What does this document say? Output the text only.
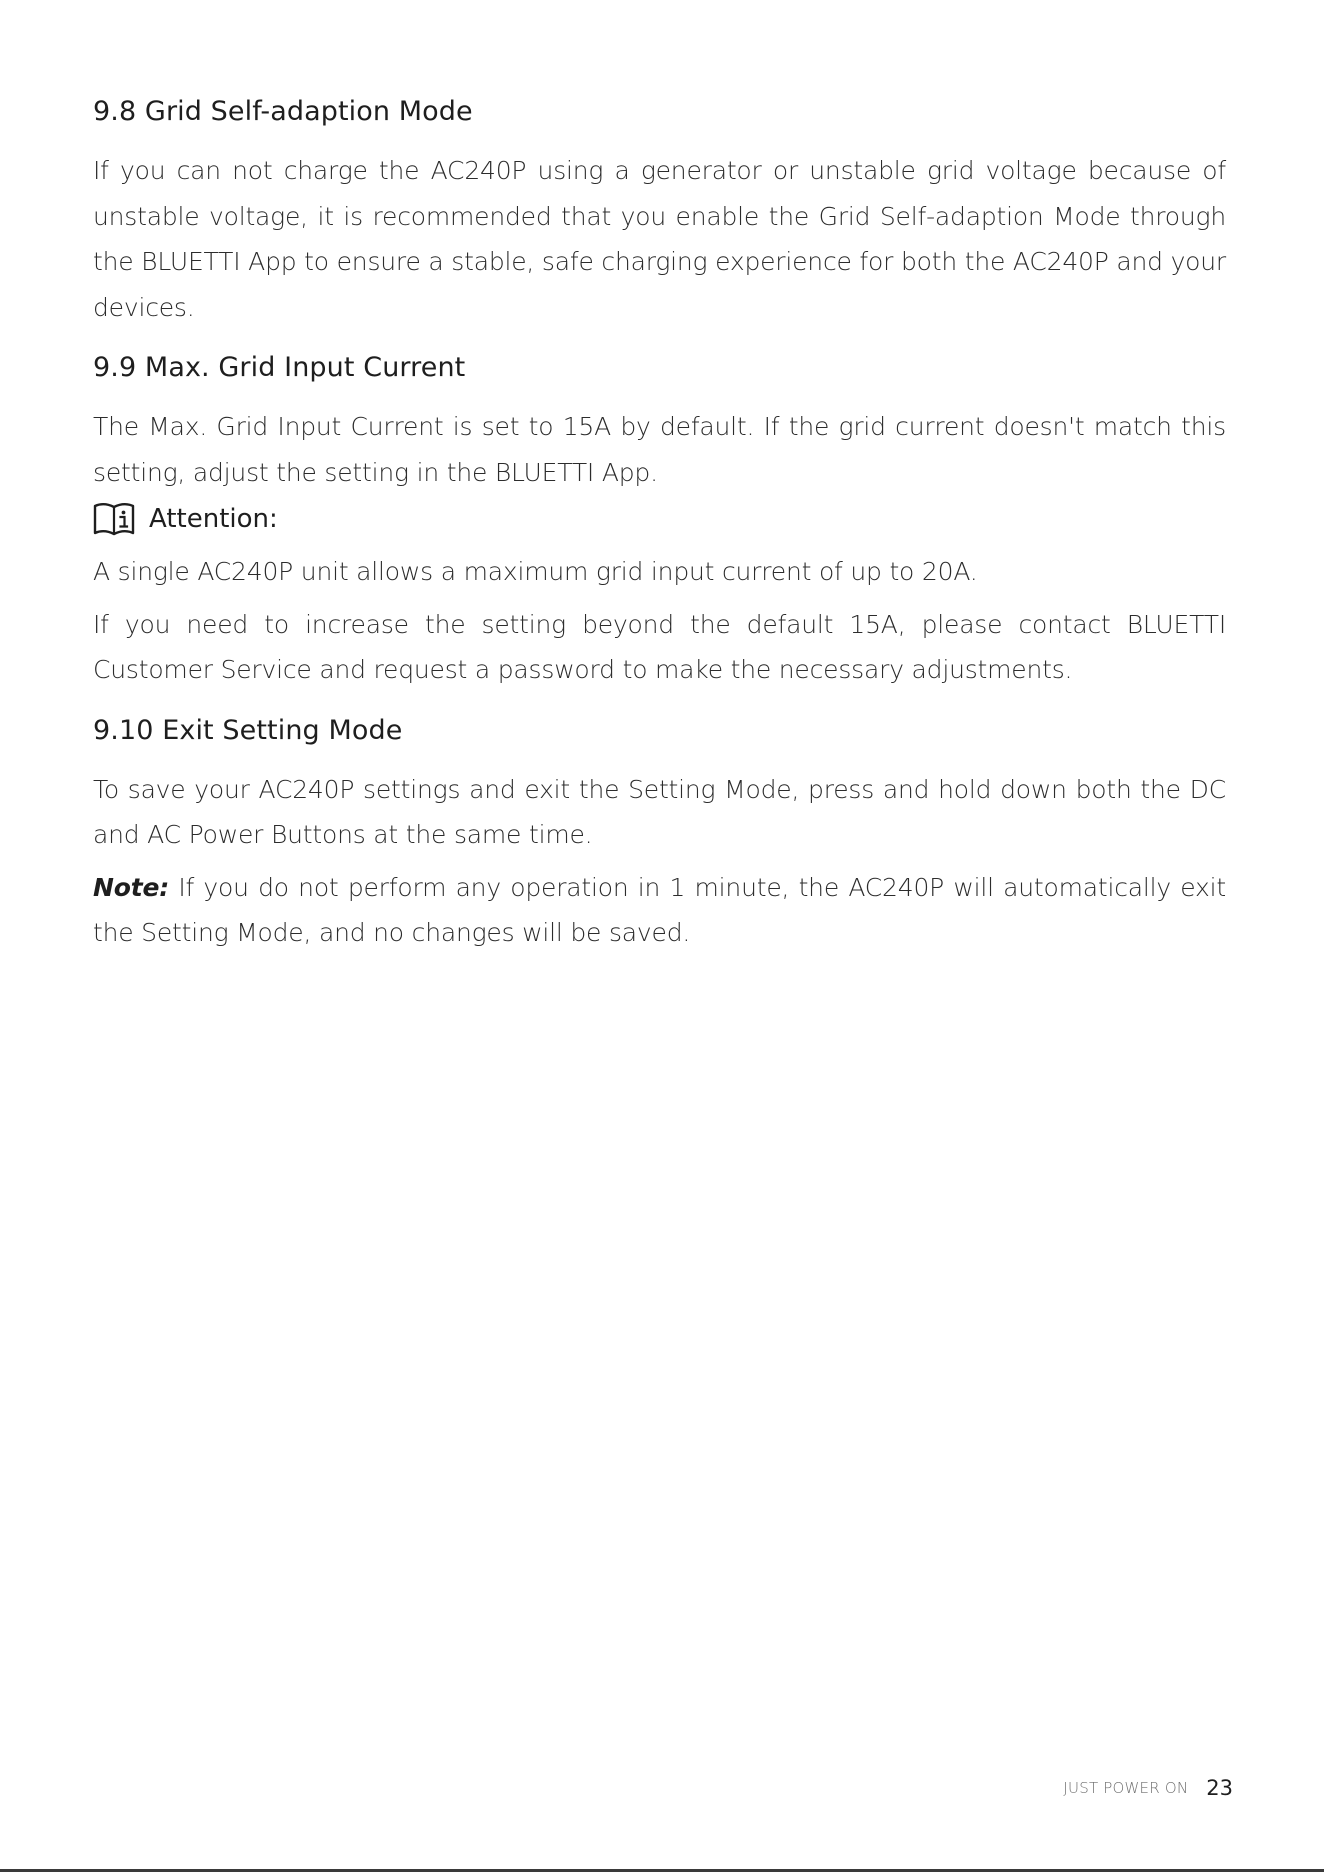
9.8 Grid Self-adaption Mode

If you can not charge the AC240P using a generator or unstable grid voltage because of unstable voltage, it is recommended that you enable the Grid Self-adaption Mode through the BLUETTI App to ensure a stable, safe charging experience for both the AC240P and your devices.

9.9 Max. Grid Input Current

The Max. Grid Input Current is set to 15A by default. If the grid current doesn't match this setting, adjust the setting in the BLUETTI App.

Attention:

A single AC240P unit allows a maximum grid input current of up to 20A.

If you need to increase the setting beyond the default 15A, please contact BLUETTI Customer Service and request a password to make the necessary adjustments.

9.10 Exit Setting Mode

To save your AC240P settings and exit the Setting Mode, press and hold down both the DC and AC Power Buttons at the same time.

Note: If you do not perform any operation in 1 minute, the AC240P will automatically exit the Setting Mode, and no changes will be saved.

JUST POWER ON 23
